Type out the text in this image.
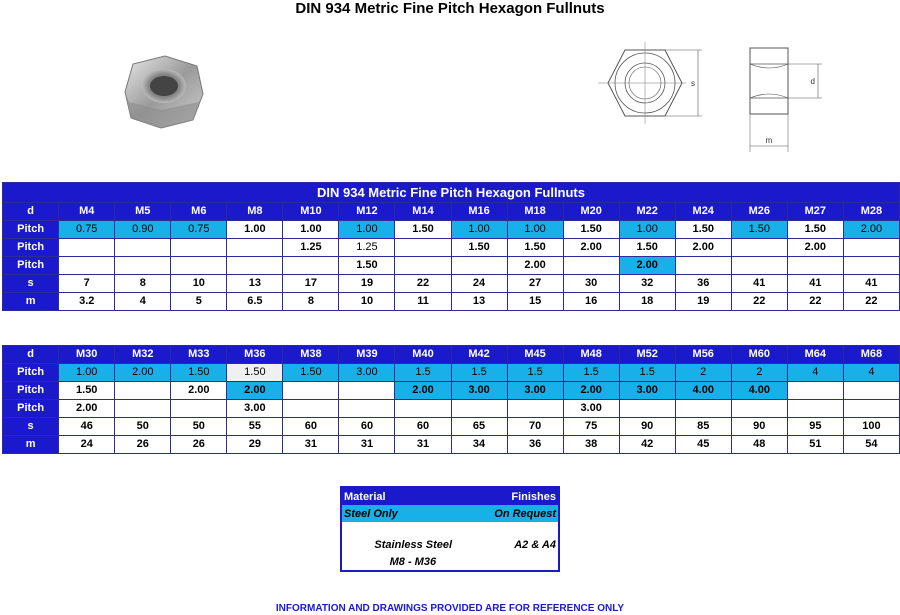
DIN 934 Metric Fine Pitch Hexagon Fullnuts
s	d
m
DIN 934 Metric Fine Pitch Hexagon Fullnuts															
d	M4	M5	M6	M8	M10	M12	M14	M16	M18	M20	M22	M24	M26	M27	M28
Pitch	0.75	0.90	0.75	1.00	1.00	1.00	1.50	1.00	1.00	1.50	1.00	1.50	1.50	1.50	2.00
Pitch					1.25	1.25		1.50	1.50	2.00	1.50	2.00		2.00	
Pitch						1.50			2.00		2.00				
s	7	8	10	13	17	19	22	24	27	30	32	36	41	41	41
m	3.2	4	5	6.5	8	10	11	13	15	16	18	19	22	22	22
d	M30	M32	M33	M36	M38	M39	M40	M42	M45	M48	M52	M56	M60	M64	M68
Pitch	1.00	2.00	1.50	1.50	1.50	3.00	1.5	1.5	1.5	1.5	1.5	2	2	4	4
Pitch	1.50		2.00	2.00			2.00	3.00	3.00	2.00	3.00	4.00	4.00		
Pitch	2.00			3.00						3.00					
s	46	50	50	55	60	60	60	65	70	75	90	85	90	95	100
m	24	26	26	29	31	31	31	34	36	38	42	45	48	51	54
Material	Finishes
Steel Only	On Request

Stainless Steel	A2 & A4
M8 - M36	
INFORMATION AND DRAWINGS PROVIDED ARE FOR REFERENCE ONLY
